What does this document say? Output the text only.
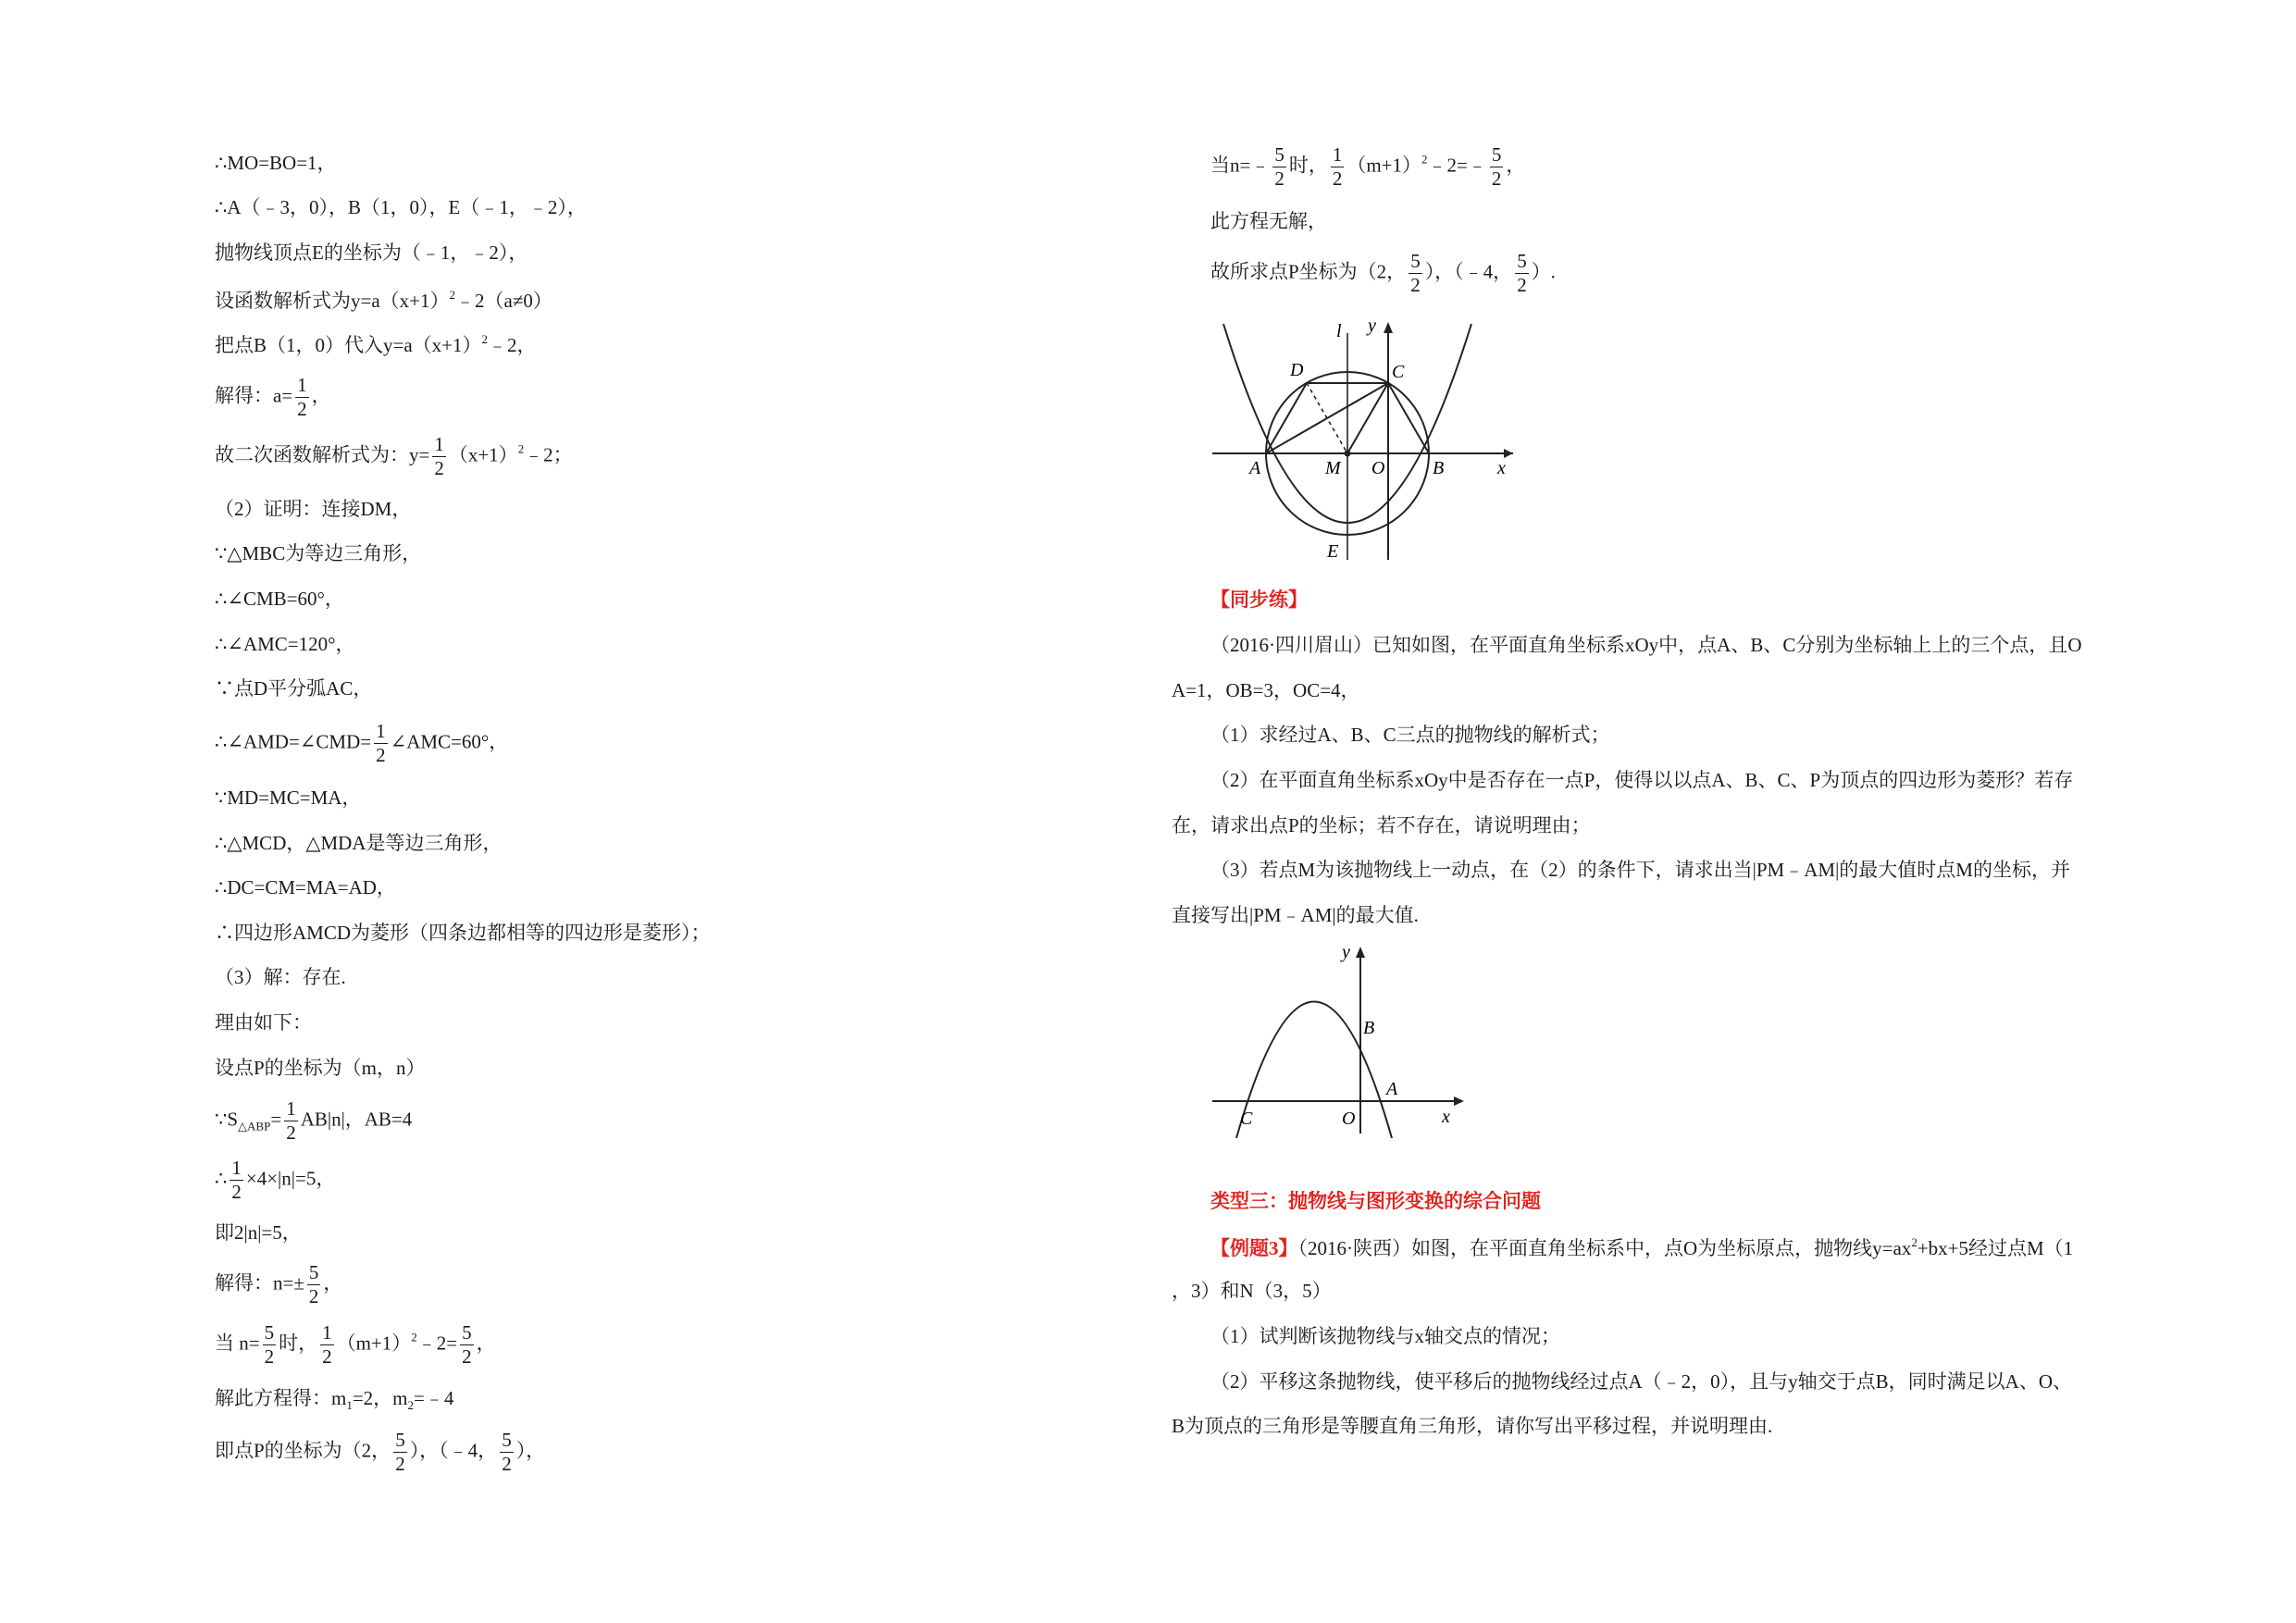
∴MO=BO=1，
∴A（﹣3，0），B（1，0），E（﹣1，﹣2），
抛物线顶点E的坐标为（﹣1，﹣2），
设函数解析式为$y=a(x+1)^2﹣2(a\ne 0)$
把点B（1，0）代入$y=a(x+1)^2﹣2$，
解得：$a= \frac{1}{2}$ ，
故二次函数解析式为：$y= \frac{1}{2}$ $(x+1)^2﹣2$；
（2）证明：连接DM，
∵△MBC为等边三角形，
∴∠CMB=60°，
∴∠AMC=120°，
∵点D平分弧AC，
∴∠AMD=∠CMD= $\frac{1}{2}$ ∠AMC=60°，
∵MD=MC=MA，
∴△MCD，△MDA是等边三角形，
∴DC=CM=MA=AD，
∴四边形AMCD为菱形（四条边都相等的四边形是菱形）；
（3）解：存在.
理由如下：
设点P的坐标为（m，n）
$\because S_{\triangle ABP}= \frac{1}{2} AB|n|$，AB=4
∴ $\frac{1}{2} \times 4\times|n|=5$，
即2|n|=5，
解得：$n=\pm \frac{5}{2}$ ，
当 $n= \frac{5}{2}$ 时， $\frac{1}{2}$ $(m+1)^2﹣2= \frac{5}{2}$ ，
解此方程得：$m_1=2$，$m_2=﹣4$
即点P的坐标为（2， $\frac{5}{2}$ ），（﹣4， $\frac{5}{2}$ ），
当n=﹣ $\frac{5}{2}$ 时， $\frac{1}{2}$ $(m+1)^2﹣2=﹣ \frac{5}{2}$ ，
此方程无解，
故所求点P坐标为（2， $\frac{5}{2}$ ），（﹣4， $\frac{5}{2}$ ）.
【同步练】
（2016·四川眉山）已知如图，在平面直角坐标系xOy中，点A、B、C分别为坐标轴上上的三个点，且O
A=1，OB=3，OC=4，
（1）求经过A、B、C三点的抛物线的解析式；
（2）在平面直角坐标系xOy中是否存在一点P，使得以以点A、B、C、P为顶点的四边形为菱形？若存
在，请求出点P的坐标；若不存在，请说明理由；
（3）若点M为该抛物线上一动点，在（2）的条件下，请求出当|PM﹣AM|的最大值时点M的坐标，并
直接写出|PM﹣AM|的最大值.
类型三：抛物线与图形变换的综合问题
【例题3】（2016·陕西）如图，在平面直角坐标系中，点O为坐标原点，抛物线$y=ax^2+bx+5$经过点M（1
，3）和N（3，5）
（1）试判断该抛物线与x轴交点的情况；
（2）平移这条抛物线，使平移后的抛物线经过点A（﹣2，0），且与y轴交于点B，同时满足以A、O、
B为顶点的三角形是等腰直角三角形，请你写出平移过程，并说明理由.
l y
D	C
A	M O	B	x
E
y
B
A
C	O	x
